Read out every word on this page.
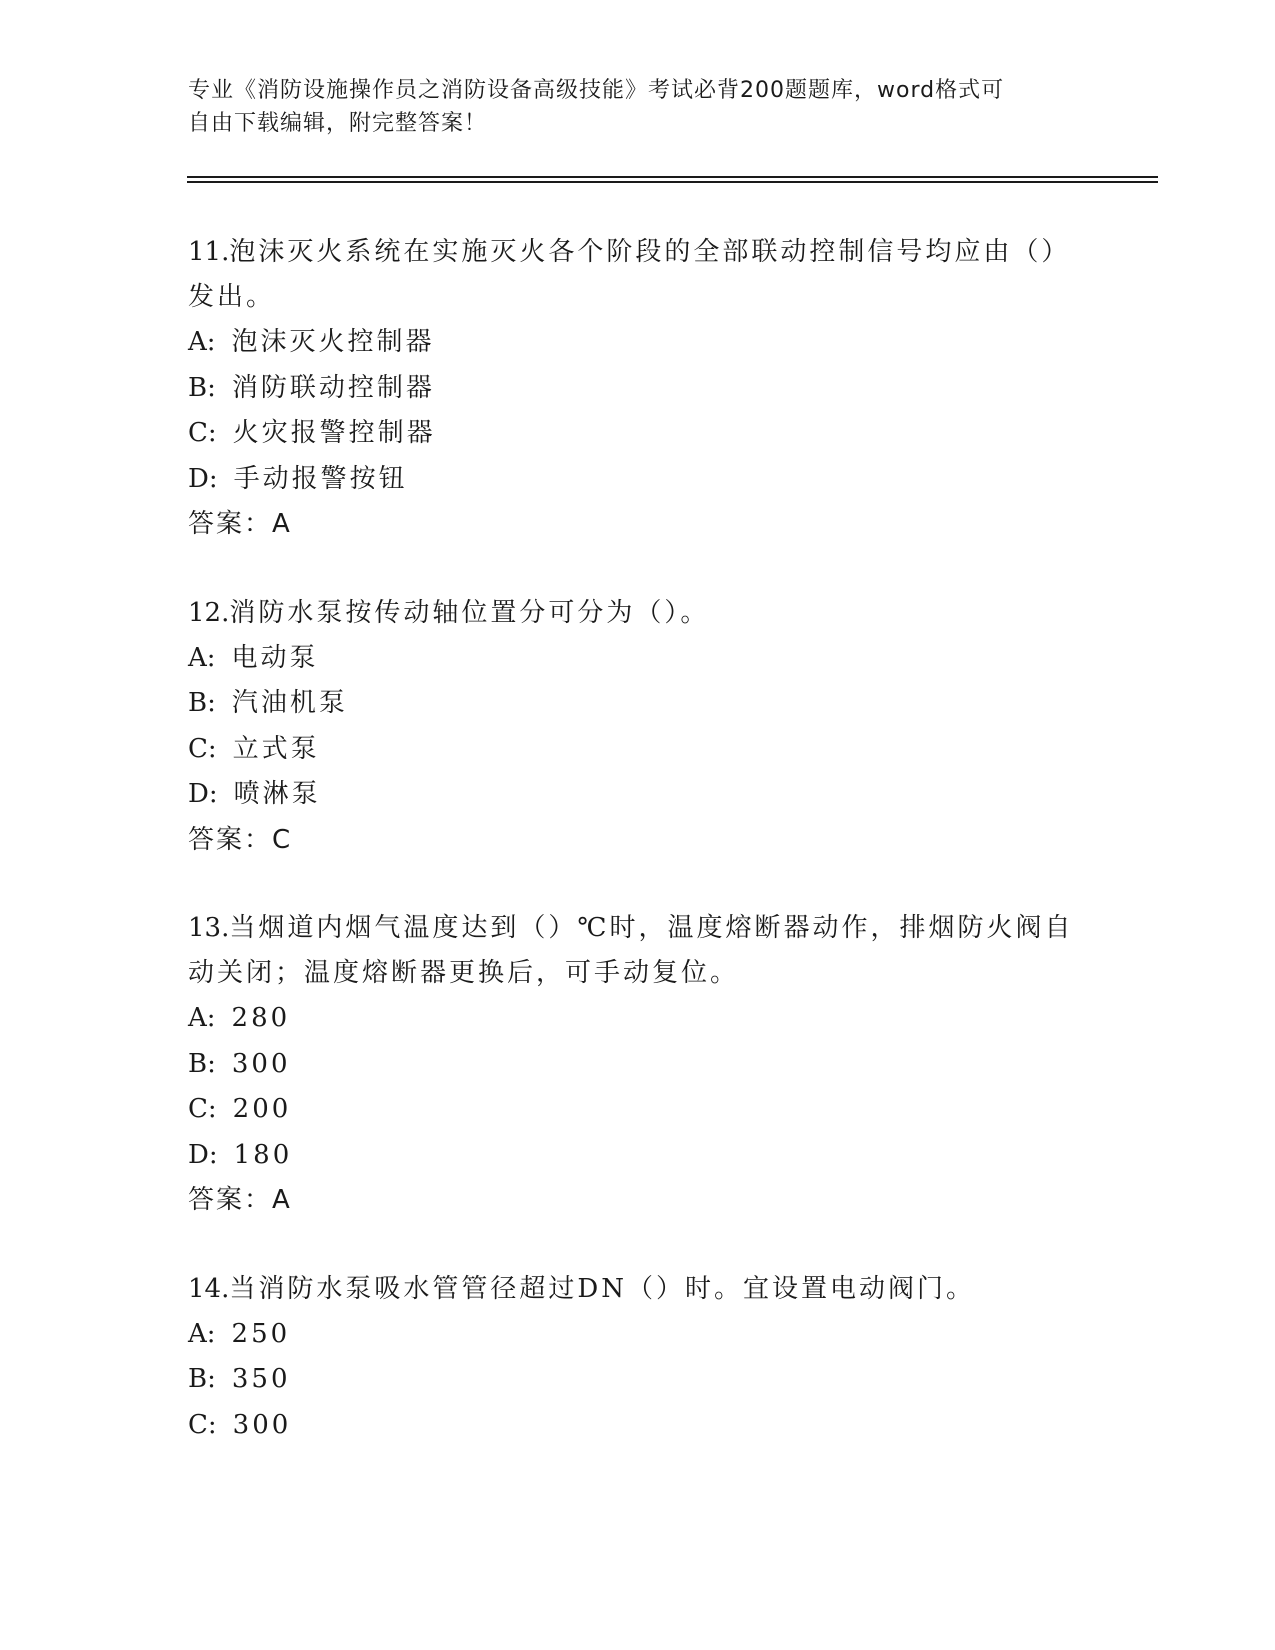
专业《消防设施操作员之消防设备高级技能》考试必背200题题库，word格式可
自由下载编辑，附完整答案！

11.泡沫灭火系统在实施灭火各个阶段的全部联动控制信号均应由（）发出。

A: 泡沫灭火控制器
B: 消防联动控制器
C: 火灾报警控制器
D: 手动报警按钮
答案：A

12.消防水泵按传动轴位置分可分为（）。

A: 电动泵
B: 汽油机泵
C: 立式泵
D: 喷淋泵
答案：C

13.当烟道内烟气温度达到（）℃时，温度熔断器动作，排烟防火阀自动关闭；温度熔断器更换后，可手动复位。

A: 280
B: 300
C: 200
D: 180
答案：A

14.当消防水泵吸水管管径超过DN（）时。宜设置电动阀门。

A: 250
B: 350
C: 300
